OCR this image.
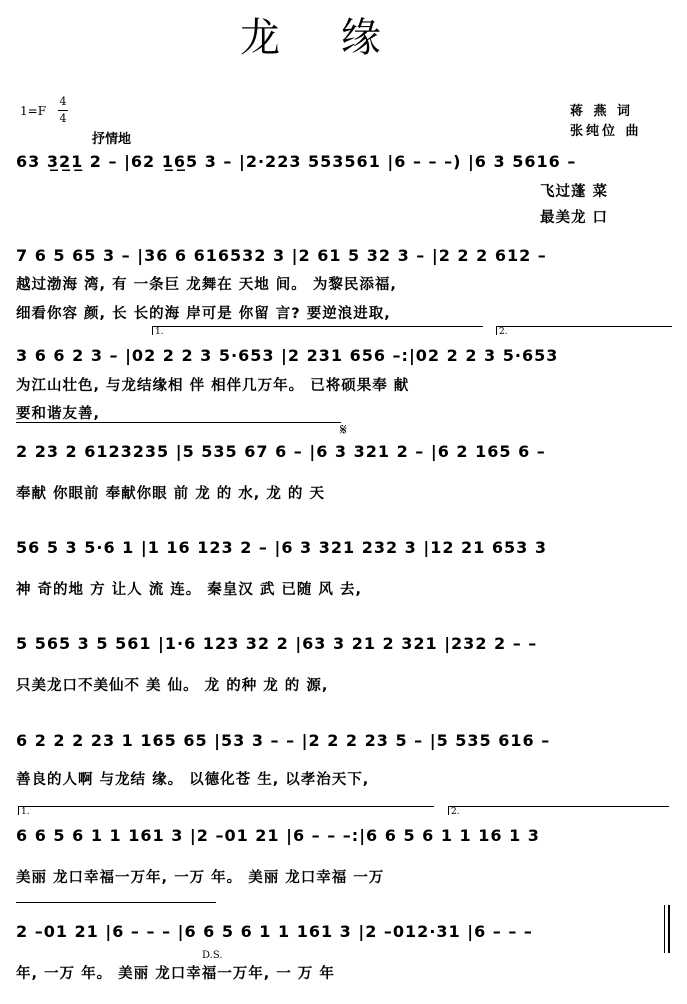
龙 缘
1=F
4
4
抒情地
蒋 燕 词
张纯位 曲
63 3̲2̲1̲ 2 – |62 1̲6̲5 3 – |2·223 553561 |6 – – –) |6 3 5616 –
飞过蓬 菜
最美龙 口
7 6 5 65 3 – |36 6 616532 3 |2 61 5 32 3 – |2 2 2 612 –
越过渤海 湾, 有 一条巨 龙舞在 天地 间。 为黎民添福,
细看你容 颜, 长 长的海 岸可是 你留 言? 要逆浪进取,
1.	2.
3 6 6 2 3 – |02 2 2 3 5·653 |2 231 656 –:|02 2 2 3 5·653
为江山壮色, 与龙结缘相 伴 相伴几万年。 已将硕果奉 献
要和谐友善,
𝄋
2 23 2 6123235 |5 535 67 6 – |6 3 321 2 – |6 2 165 6 –
奉献 你眼前 奉献你眼 前 龙 的 水, 龙 的 天
56 5 3 5·6 1 |1 16 123 2 – |6 3 321 232 3 |12 21 653 3
神 奇的地 方 让人 流 连。 秦皇汉 武 已随 风 去,
5 565 3 5 561 |1·6 123 32 2 |63 3 21 2 321 |232 2 – –
只美龙口不美仙不 美 仙。 龙 的种 龙 的 源,
6 2 2 2 23 1 165 65 |53 3 – – |2 2 2 23 5 – |5 535 616 –
善良的人啊 与龙结 缘。 以德化苍 生, 以孝治天下,
1.	2.
6 6 5 6 1 1 161 3 |2 –01 21 |6 – – –:|6 6 5 6 1 1 16 1 3
美丽 龙口幸福一万年, 一万 年。 美丽 龙口幸福 一万
2 –01 21 |6 – – – |6 6 5 6 1 1 161 3 |2 –012·31 |6 – – –
D.S.
年, 一万 年。 美丽 龙口幸福一万年, 一 万 年
